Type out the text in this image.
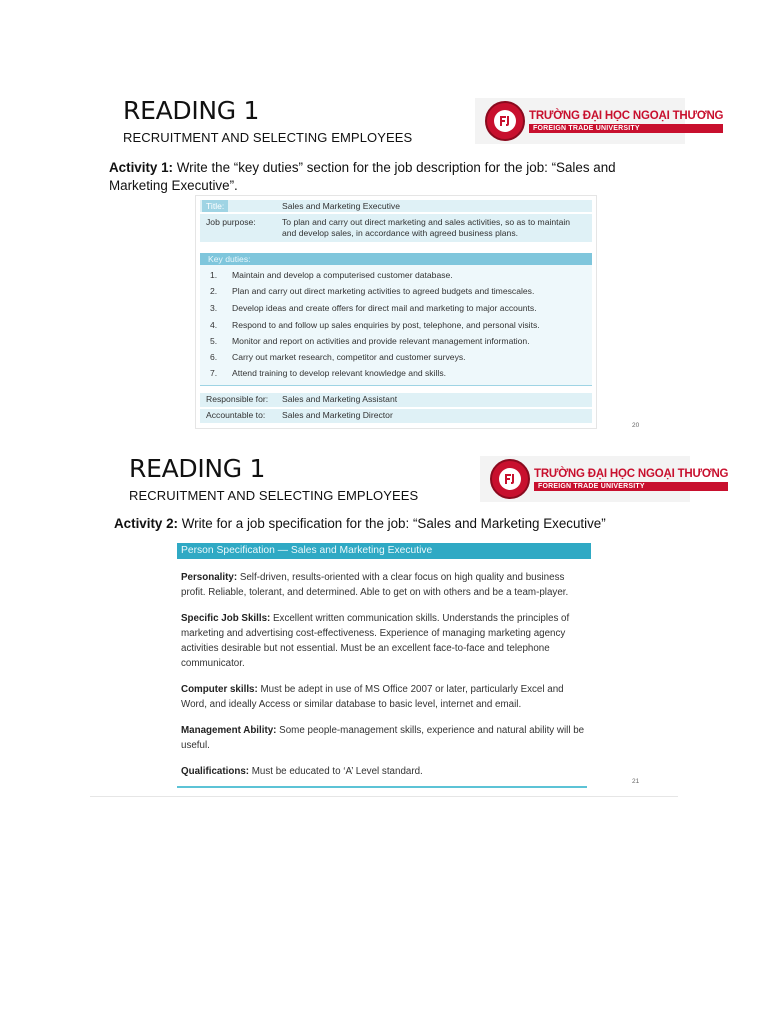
READING 1
RECRUITMENT AND SELECTING EMPLOYEES
TRƯỜNG ĐẠI HỌC NGOẠI THƯƠNG
FOREIGN TRADE UNIVERSITY
Activity 1: Write the “key duties” section for the job description for the job: “Sales and Marketing Executive”.
Title:	Sales and Marketing Executive
Job purpose:	To plan and carry out direct marketing and sales activities, so as to maintain and develop sales, in accordance with agreed business plans.
Key duties:
1.	Maintain and develop a computerised customer database.
2.	Plan and carry out direct marketing activities to agreed budgets and timescales.
3.	Develop ideas and create offers for direct mail and marketing to major accounts.
4.	Respond to and follow up sales enquiries by post, telephone, and personal visits.
5.	Monitor and report on activities and provide relevant management information.
6.	Carry out market research, competitor and customer surveys.
7.	Attend training to develop relevant knowledge and skills.
Responsible for: Sales and Marketing Assistant
Accountable to: Sales and Marketing Director
20
READING 1
RECRUITMENT AND SELECTING EMPLOYEES
TRƯỜNG ĐẠI HỌC NGOẠI THƯƠNG
FOREIGN TRADE UNIVERSITY
Activity 2: Write for a job specification for the job: “Sales and Marketing Executive”
Person Specification — Sales and Marketing Executive

Personality: Self-driven, results-oriented with a clear focus on high quality and business profit. Reliable, tolerant, and determined. Able to get on with others and be a team-player.

Specific Job Skills: Excellent written communication skills. Understands the principles of marketing and advertising cost-effectiveness. Experience of managing marketing agency activities desirable but not essential. Must be an excellent face-to-face and telephone communicator.

Computer skills: Must be adept in use of MS Office 2007 or later, particularly Excel and Word, and ideally Access or similar database to basic level, internet and email.

Management Ability: Some people-management skills, experience and natural ability will be useful.

Qualifications: Must be educated to ‘A’ Level standard.

21
